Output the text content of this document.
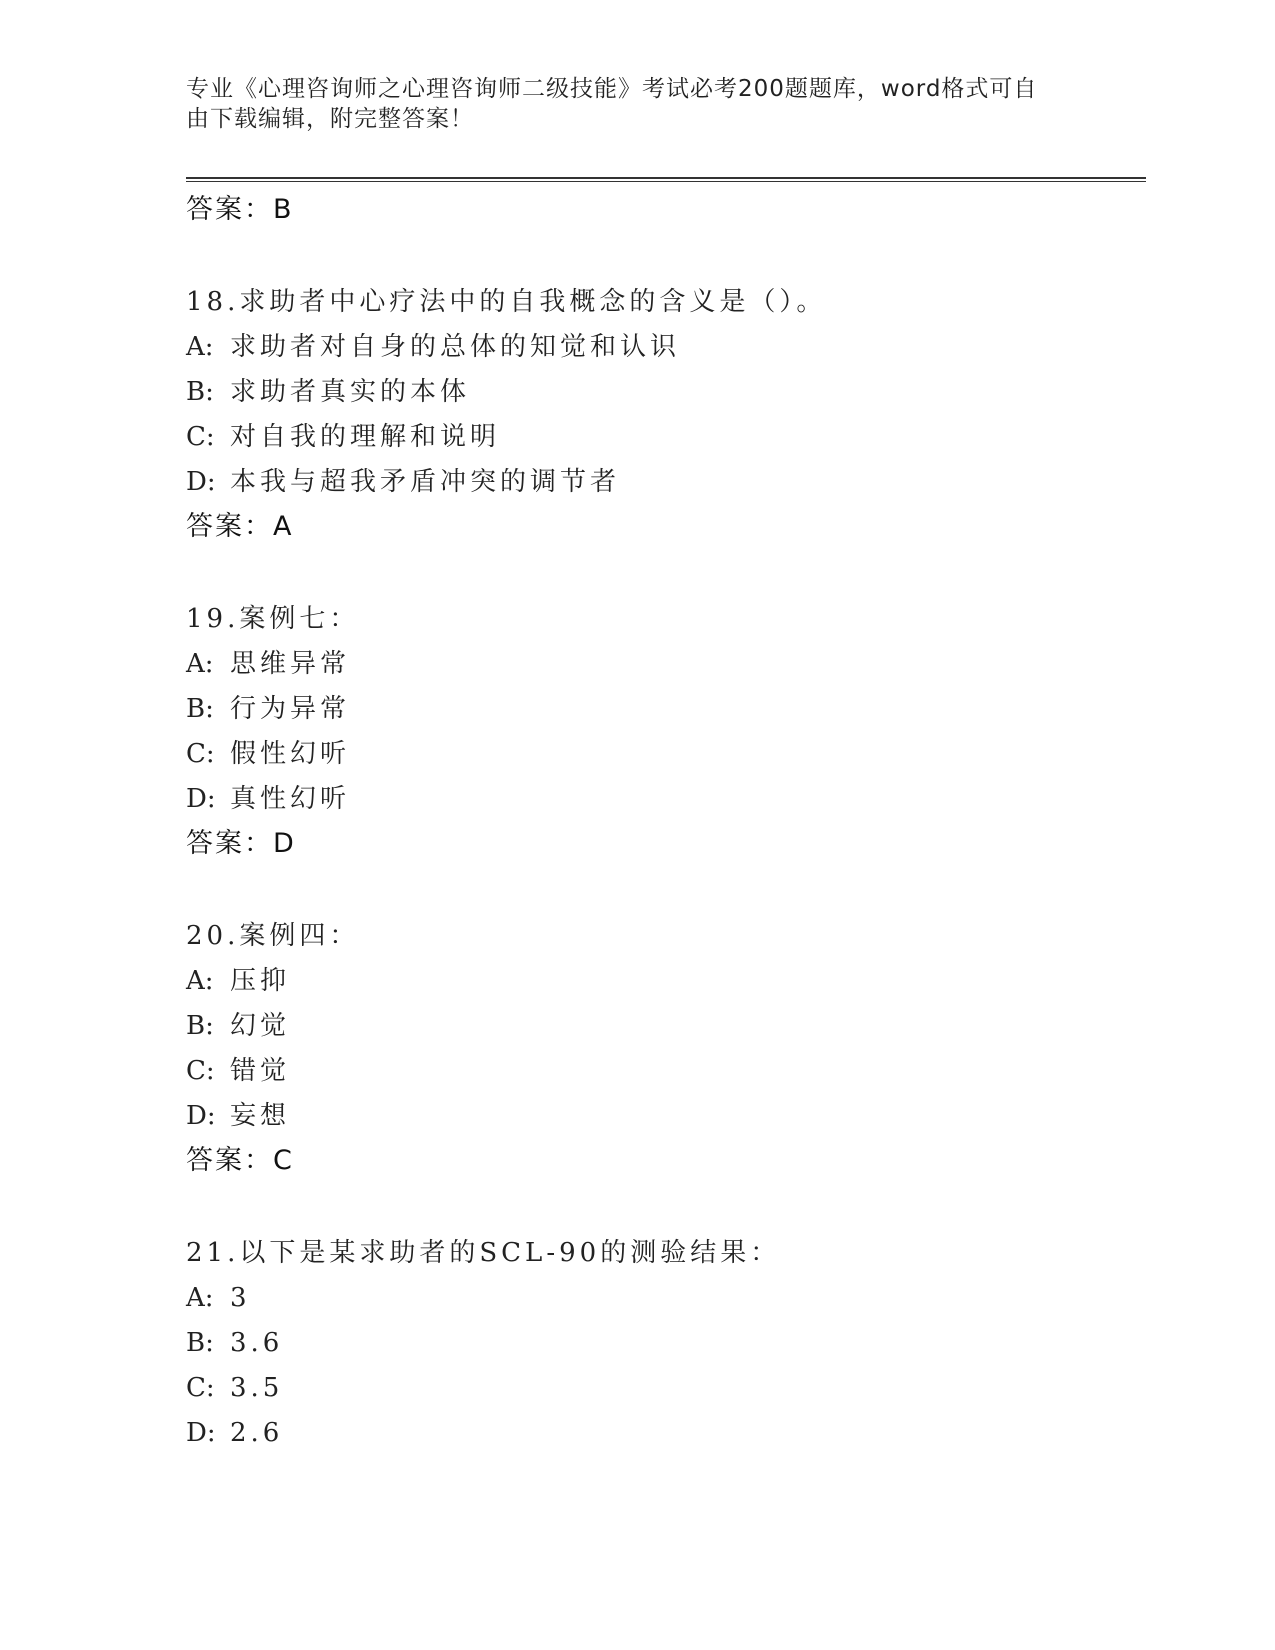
专业《心理咨询师之心理咨询师二级技能》考试必考200题题库，word格式可自
由下载编辑，附完整答案！
答案：B
18.求助者中心疗法中的自我概念的含义是（）。
A: 求助者对自身的总体的知觉和认识
B: 求助者真实的本体
C: 对自我的理解和说明
D: 本我与超我矛盾冲突的调节者
答案：A
19.案例七：
A: 思维异常
B: 行为异常
C: 假性幻听
D: 真性幻听
答案：D
20.案例四：
A: 压抑
B: 幻觉
C: 错觉
D: 妄想
答案：C
21.以下是某求助者的SCL-90的测验结果：
A: 3
B: 3.6
C: 3.5
D: 2.6
